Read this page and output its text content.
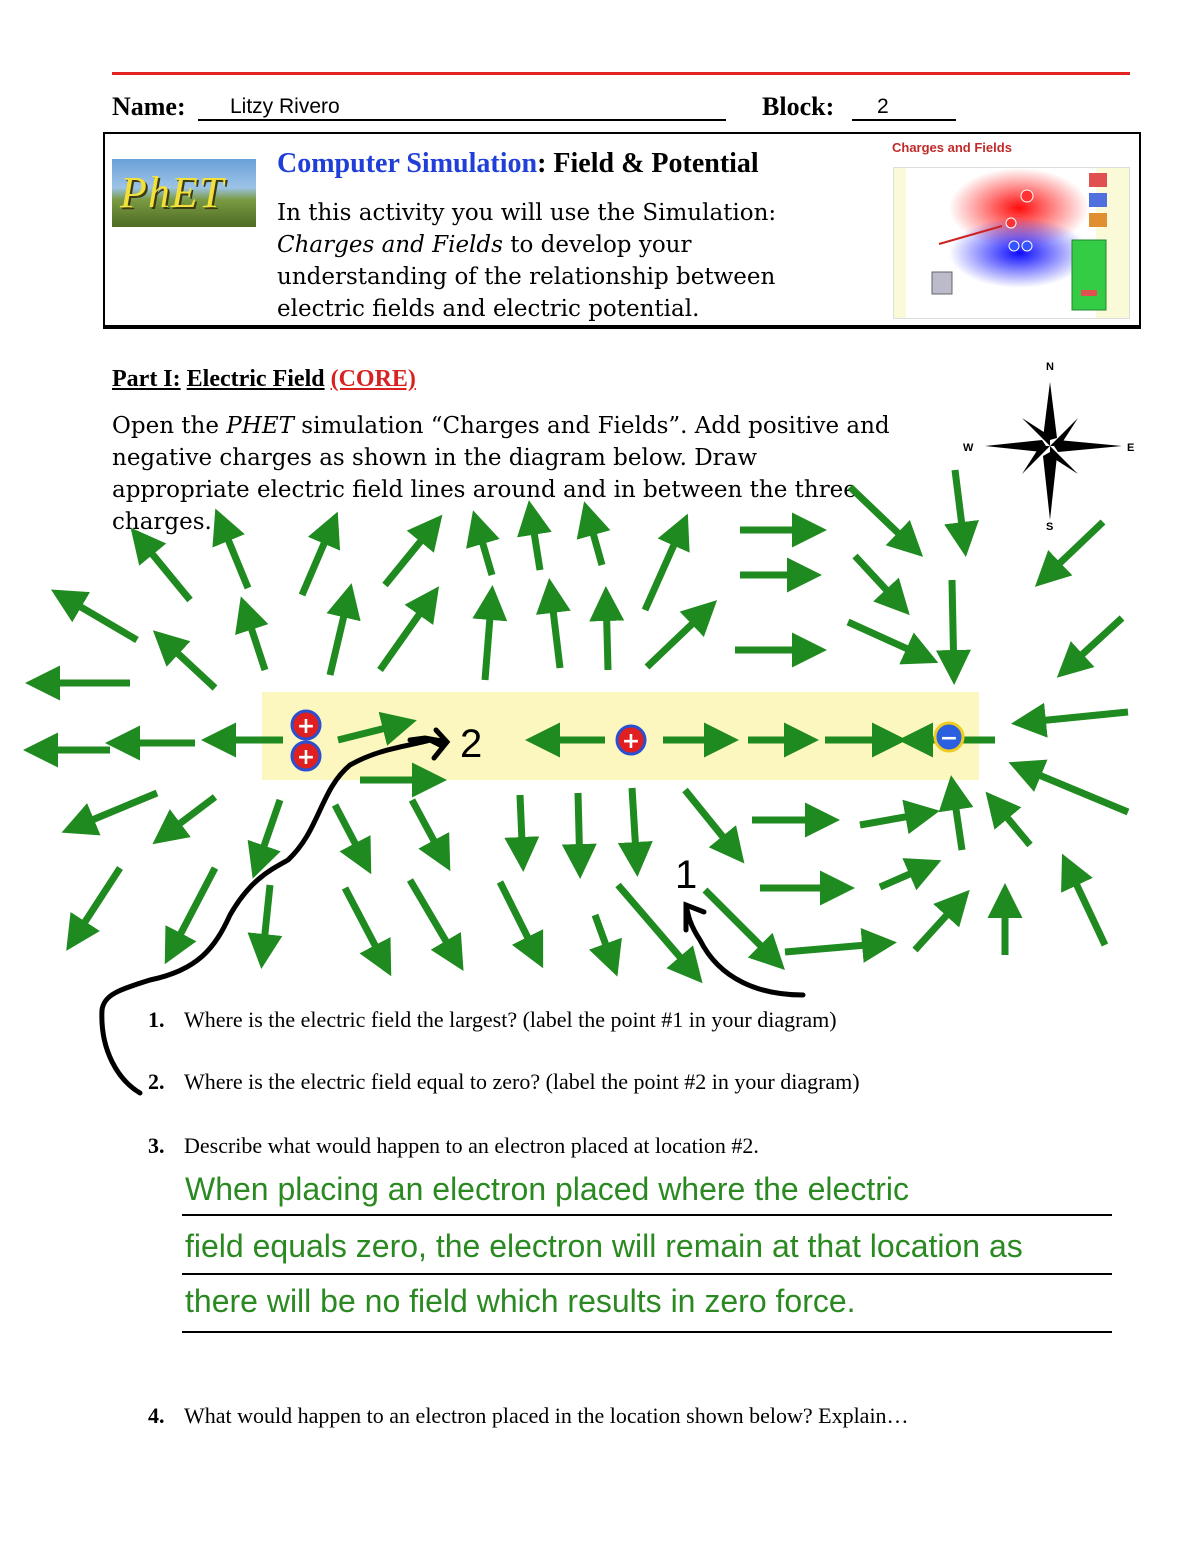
Name: Litzy Rivero	Block: 2
PhET
Computer Simulation: Field & Potential
In this activity you will use the Simulation: Charges and Fields to develop your understanding of the relationship between electric fields and electric potential.
Charges and Fields
Part I: Electric Field (CORE)
Open the PHET simulation “Charges and Fields”. Add positive and negative charges as shown in the diagram below. Draw appropriate electric field lines around and in between the three charges.
N
S
E
W
+
+
+	−
2
1
1. Where is the electric field the largest? (label the point #1 in your diagram)
2. Where is the electric field equal to zero? (label the point #2 in your diagram)
3. Describe what would happen to an electron placed at location #2.
When placing an electron placed where the electric
field equals zero, the electron will remain at that location as
there will be no field which results in zero force.
4. What would happen to an electron placed in the location shown below? Explain…
